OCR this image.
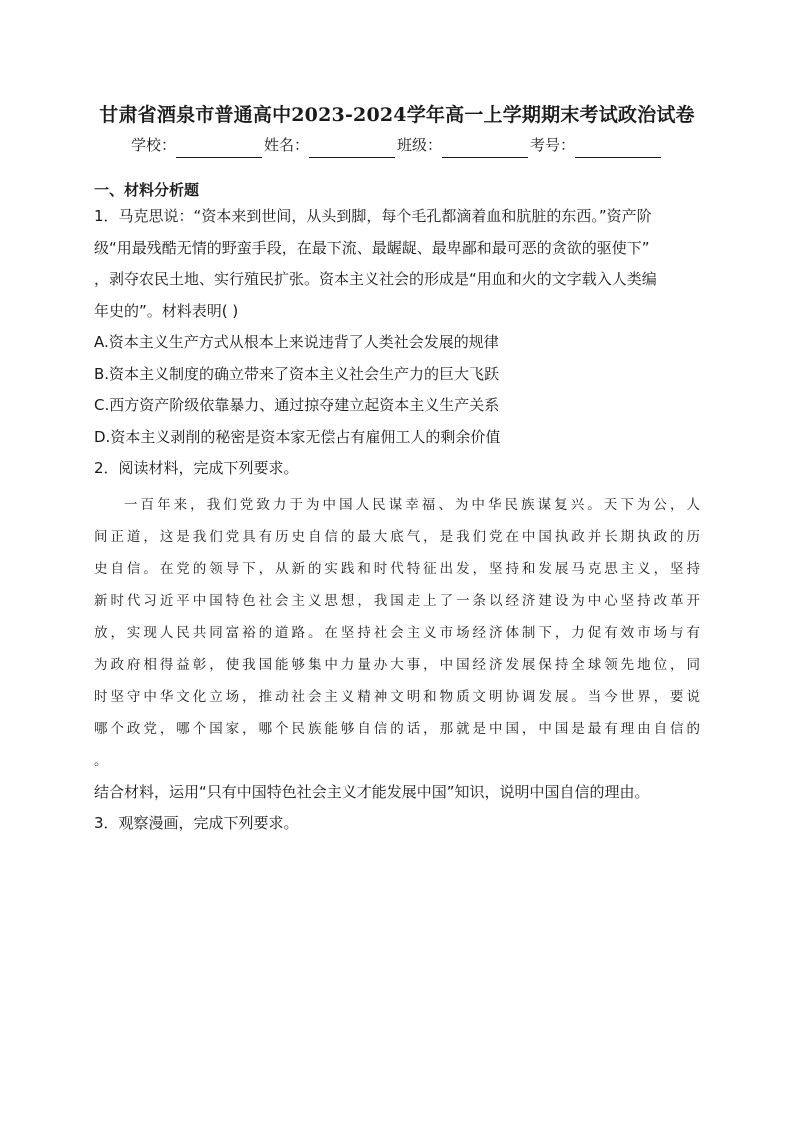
甘肃省酒泉市普通高中2023-2024学年高一上学期期末考试政治试卷
学校：	姓名：	班级：	考号：
一、材料分析题
1．马克思说：“资本来到世间，从头到脚，每个毛孔都滴着血和肮脏的东西。”资产阶
级“用最残酷无情的野蛮手段，在最下流、最龌龊、最卑鄙和最可恶的贪欲的驱使下”
，剥夺农民土地、实行殖民扩张。资本主义社会的形成是“用血和火的文字载入人类编
年史的”。材料表明( )
A.资本主义生产方式从根本上来说违背了人类社会发展的规律
B.资本主义制度的确立带来了资本主义社会生产力的巨大飞跃
C.西方资产阶级依靠暴力、通过掠夺建立起资本主义生产关系
D.资本主义剥削的秘密是资本家无偿占有雇佣工人的剩余价值
2．阅读材料，完成下列要求。
一百年来，我们党致力于为中国人民谋幸福、为中华民族谋复兴。天下为公，人
间正道，这是我们党具有历史自信的最大底气，是我们党在中国执政并长期执政的历
史自信。在党的领导下，从新的实践和时代特征出发，坚持和发展马克思主义，坚持
新时代习近平中国特色社会主义思想，我国走上了一条以经济建设为中心坚持改革开
放，实现人民共同富裕的道路。在坚持社会主义市场经济体制下，力促有效市场与有
为政府相得益彰，使我国能够集中力量办大事，中国经济发展保持全球领先地位，同
时坚守中华文化立场，推动社会主义精神文明和物质文明协调发展。当今世界，要说
哪个政党，哪个国家，哪个民族能够自信的话，那就是中国，中国是最有理由自信的
。
结合材料，运用“只有中国特色社会主义才能发展中国”知识，说明中国自信的理由。
3．观察漫画，完成下列要求。
